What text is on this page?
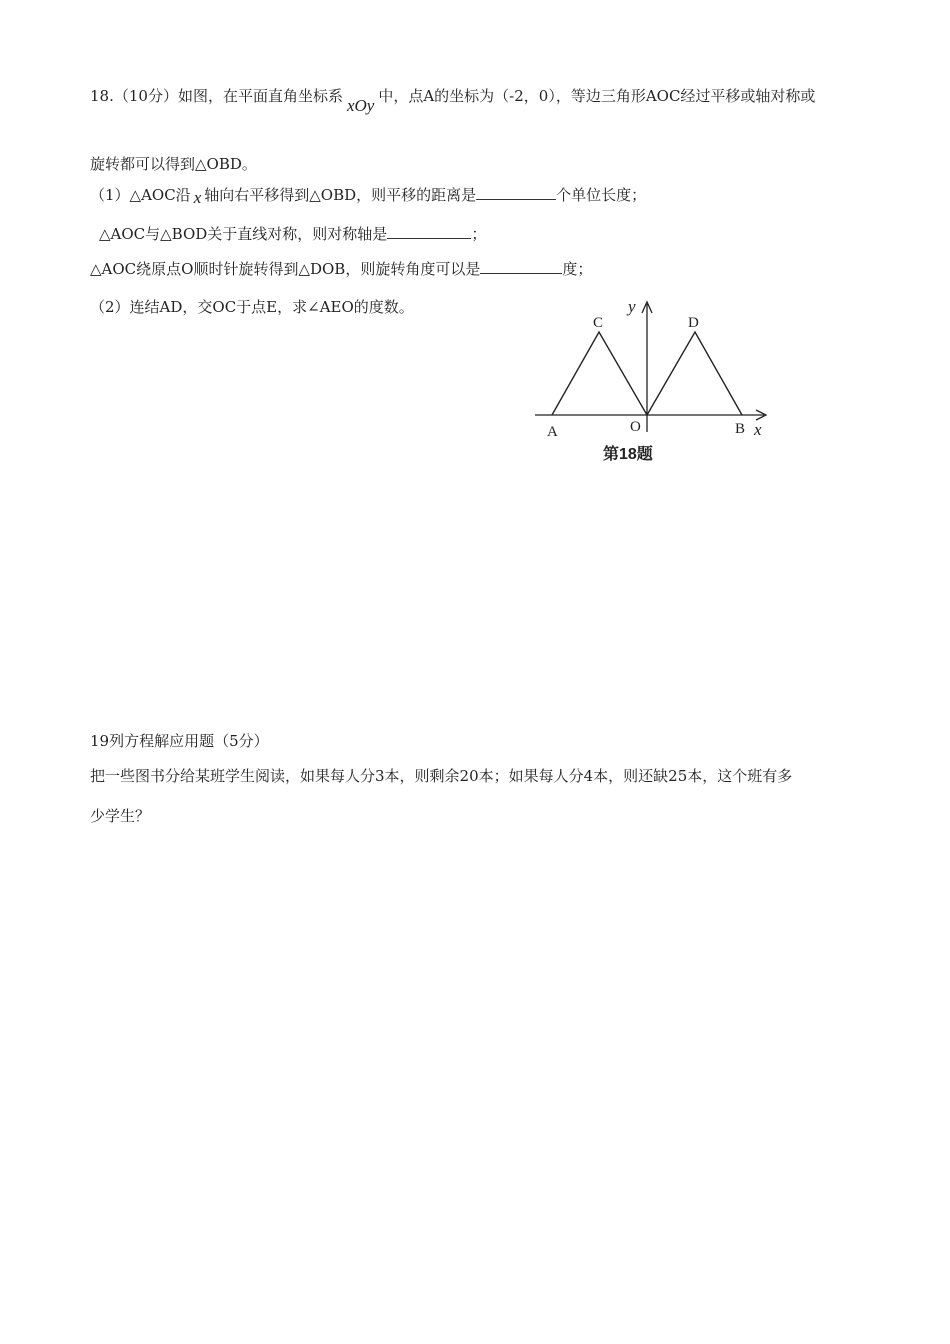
18.（10分）如图，在平面直角坐标系 xOy 中，点A的坐标为（-2，0），等边三角形AOC经过平移或轴对称或
旋转都可以得到△OBD。
（1）△AOC沿 x 轴向右平移得到△OBD，则平移的距离是	个单位长度；
△AOC与△BOD关于直线对称，则对称轴是	；
△AOC绕原点O顺时针旋转得到△DOB，则旋转角度可以是	度；
（2）连结AD，交OC于点E，求∠AEO的度数。
C	D
A	O	B x
y
第18题
19列方程解应用题（5分）
把一些图书分给某班学生阅读，如果每人分3本，则剩余20本；如果每人分4本，则还缺25本，这个班有多
少学生？
